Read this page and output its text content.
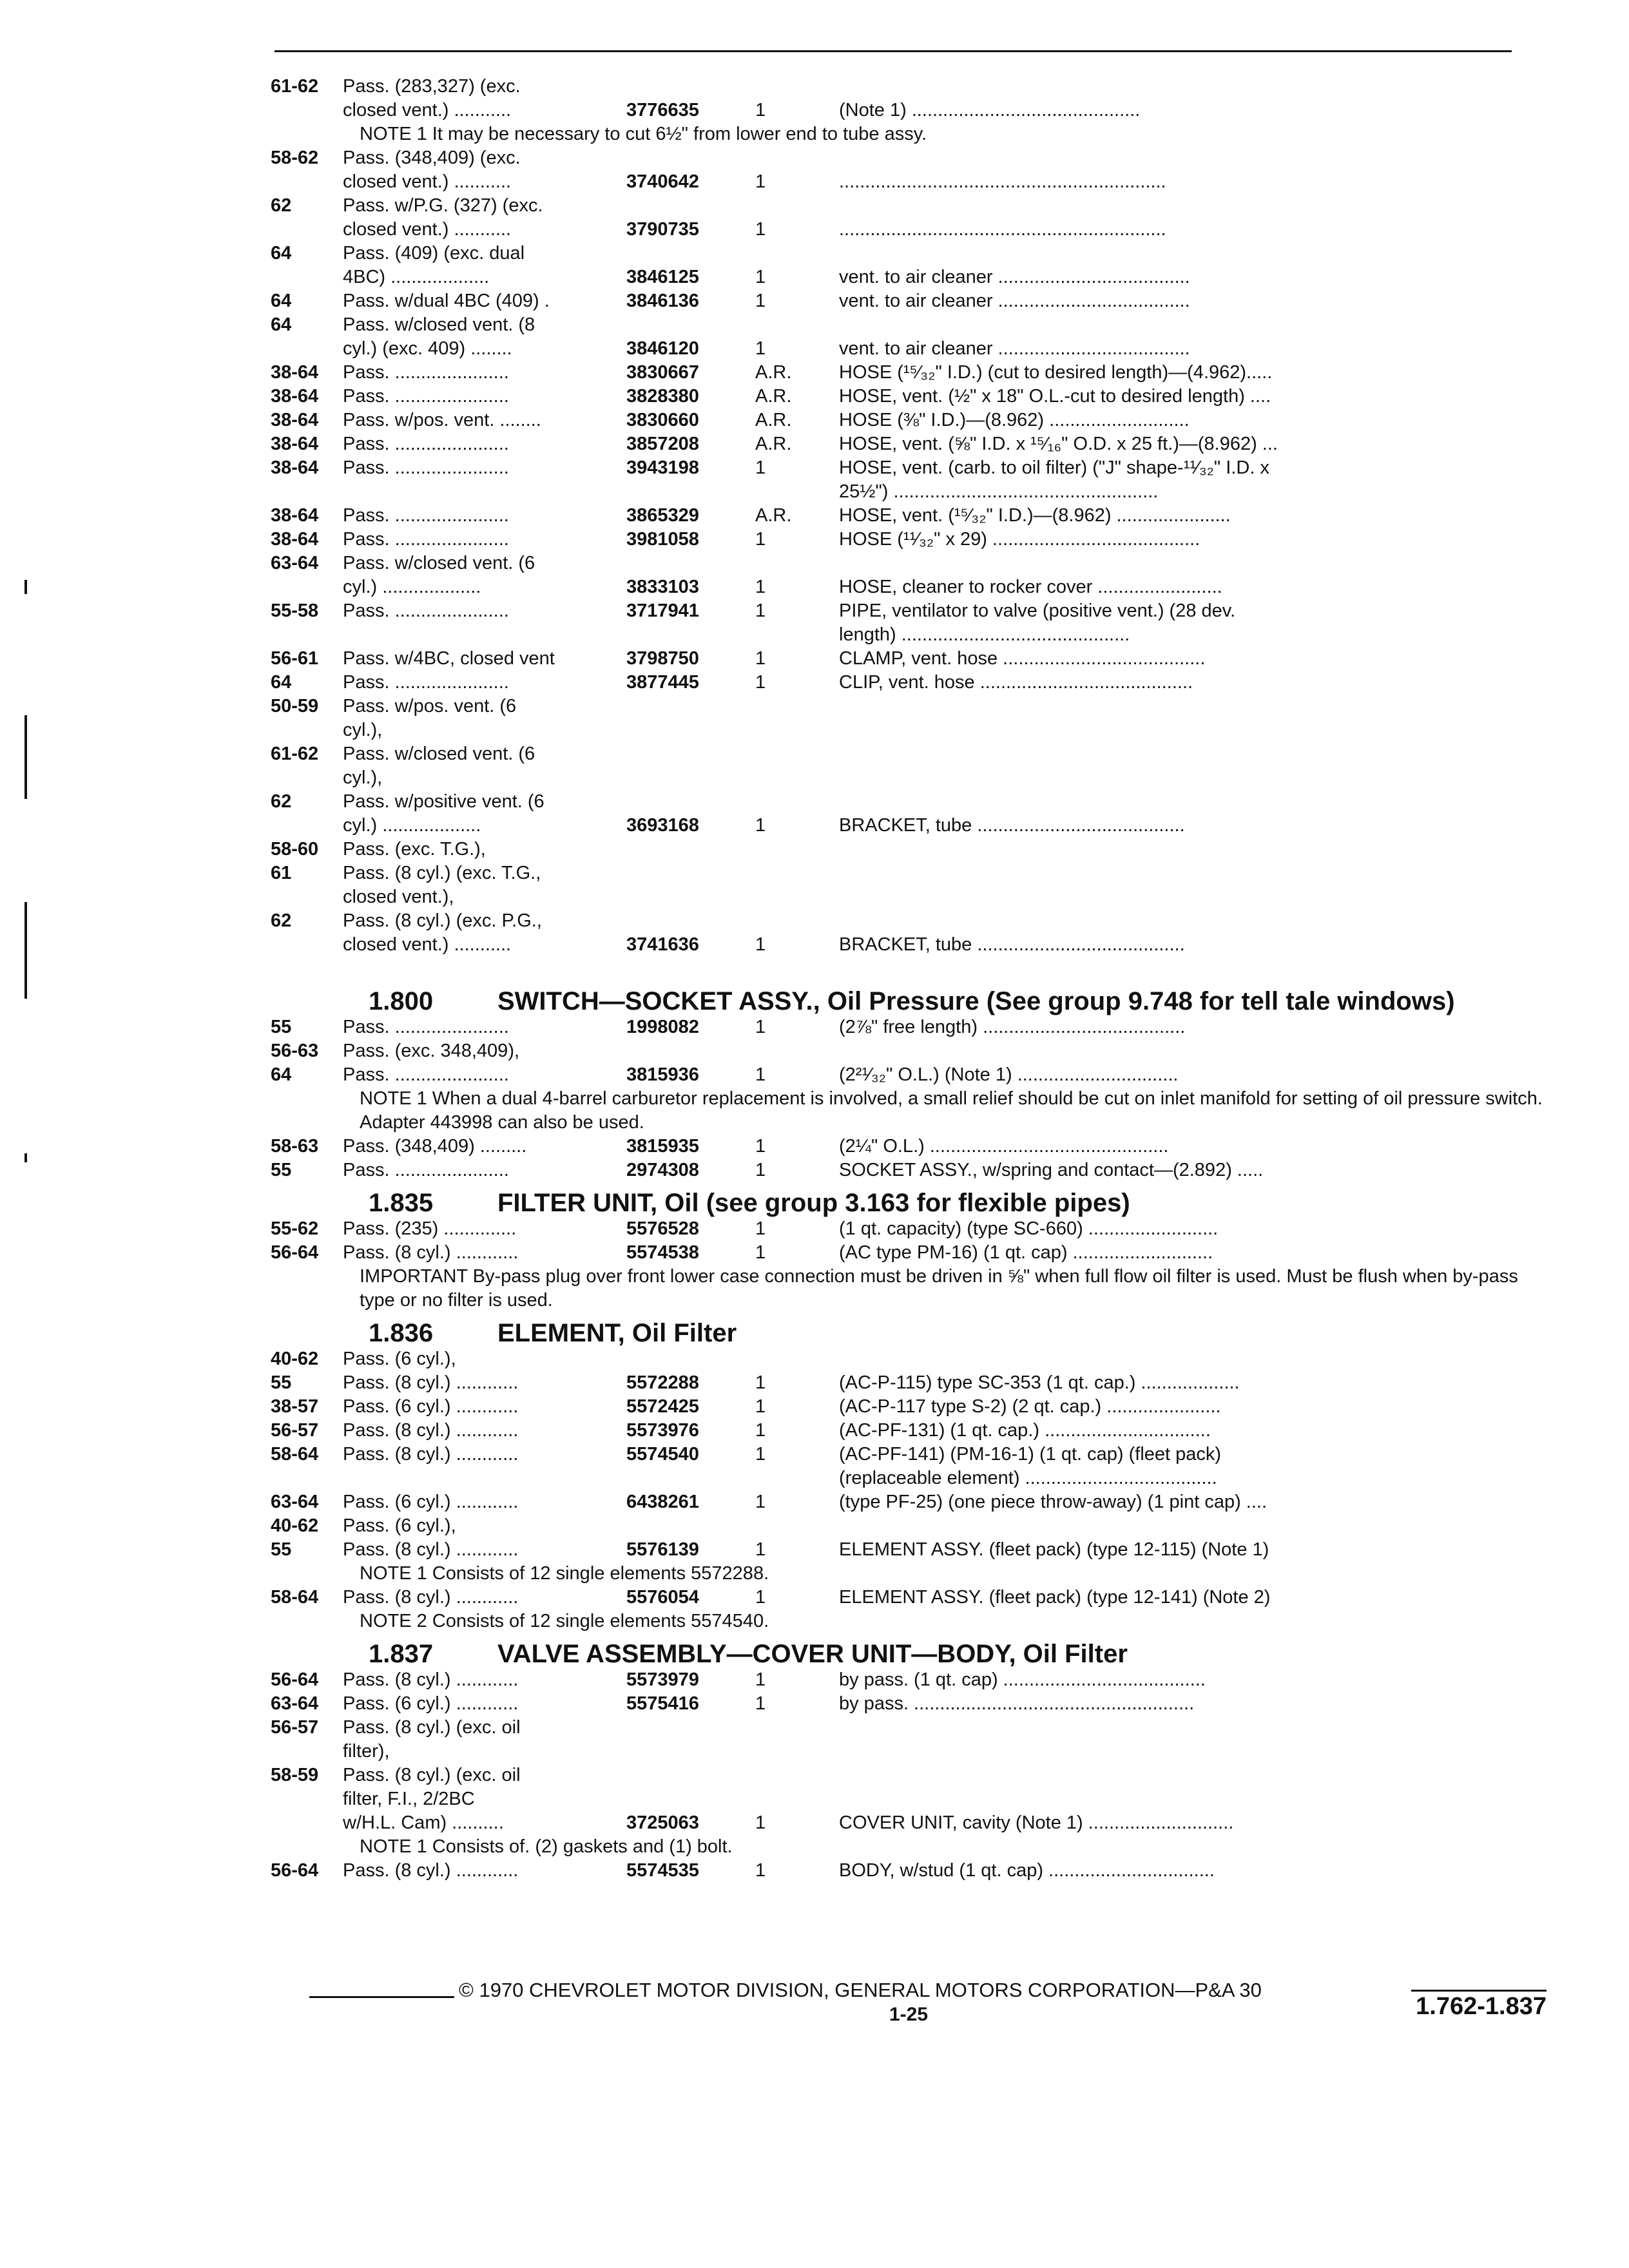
61-62	Pass. (283,327) (exc.
closed vent.) ...........	3776635	1	(Note 1) ............................................
NOTE 1 It may be necessary to cut 6½" from lower end to tube assy.
58-62	Pass. (348,409) (exc.
closed vent.) ...........	3740642	1	...............................................................
62	Pass. w/P.G. (327) (exc.
closed vent.) ...........	3790735	1	...............................................................
64	Pass. (409) (exc. dual
4BC) ...................	3846125	1	vent. to air cleaner .....................................
64	Pass. w/dual 4BC (409) .	3846136	1	vent. to air cleaner .....................................
64	Pass. w/closed vent. (8
cyl.) (exc. 409) ........	3846120	1	vent. to air cleaner .....................................
38-64	Pass. ......................	3830667	A.R.	HOSE (¹⁵⁄₃₂" I.D.) (cut to desired length)—(4.962).....
38-64	Pass. ......................	3828380	A.R.	HOSE, vent. (½" x 18" O.L.-cut to desired length) ....
38-64	Pass. w/pos. vent. ........	3830660	A.R.	HOSE (⅜" I.D.)—(8.962) ...........................
38-64	Pass. ......................	3857208	A.R.	HOSE, vent. (⅝" I.D. x ¹⁵⁄₁₆" O.D. x 25 ft.)—(8.962) ...
38-64	Pass. ......................	3943198	1	HOSE, vent. (carb. to oil filter) ("J" shape-¹¹⁄₃₂" I.D. x
25½") ...................................................
38-64	Pass. ......................	3865329	A.R.	HOSE, vent. (¹⁵⁄₃₂" I.D.)—(8.962) ......................
38-64	Pass. ......................	3981058	1	HOSE (¹¹⁄₃₂" x 29) ........................................
63-64	Pass. w/closed vent. (6
cyl.) ...................	3833103	1	HOSE, cleaner to rocker cover ........................
55-58	Pass. ......................	3717941	1	PIPE, ventilator to valve (positive vent.) (28 dev.
length) ............................................
56-61	Pass. w/4BC, closed vent	3798750	1	CLAMP, vent. hose .......................................
64	Pass. ......................	3877445	1	CLIP, vent. hose .........................................
50-59	Pass. w/pos. vent. (6
cyl.),
61-62	Pass. w/closed vent. (6
cyl.),
62	Pass. w/positive vent. (6
cyl.) ...................	3693168	1	BRACKET, tube ........................................
58-60	Pass. (exc. T.G.),
61	Pass. (8 cyl.) (exc. T.G.,
closed vent.),
62	Pass. (8 cyl.) (exc. P.G.,
closed vent.) ...........	3741636	1	BRACKET, tube ........................................
1.800	SWITCH—SOCKET ASSY., Oil Pressure (See group 9.748 for tell tale windows)
55	Pass. ......................	1998082	1	(2⅞" free length) .......................................
56-63	Pass. (exc. 348,409),
64	Pass. ......................	3815936	1	(2²¹⁄₃₂" O.L.) (Note 1) ...............................
NOTE 1 When a dual 4-barrel carburetor replacement is involved, a small relief should be cut on inlet manifold for setting of oil pressure switch. Adapter 443998 can also be used.
58-63	Pass. (348,409) .........	3815935	1	(2¼" O.L.) ..............................................
55	Pass. ......................	2974308	1	SOCKET ASSY., w/spring and contact—(2.892) .....
1.835	FILTER UNIT, Oil (see group 3.163 for flexible pipes)
55-62	Pass. (235) ..............	5576528	1	(1 qt. capacity) (type SC-660) .........................
56-64	Pass. (8 cyl.) ............	5574538	1	(AC type PM-16) (1 qt. cap) ...........................
IMPORTANT By-pass plug over front lower case connection must be driven in ⅝" when full flow oil filter is used. Must be flush when by-pass type or no filter is used.
1.836	ELEMENT, Oil Filter
40-62	Pass. (6 cyl.),
55	Pass. (8 cyl.) ............	5572288	1	(AC-P-115) type SC-353 (1 qt. cap.) ...................
38-57	Pass. (6 cyl.) ............	5572425	1	(AC-P-117 type S-2) (2 qt. cap.) ......................
56-57	Pass. (8 cyl.) ............	5573976	1	(AC-PF-131) (1 qt. cap.) ................................
58-64	Pass. (8 cyl.) ............	5574540	1	(AC-PF-141) (PM-16-1) (1 qt. cap) (fleet pack)
(replaceable element) .....................................
63-64	Pass. (6 cyl.) ............	6438261	1	(type PF-25) (one piece throw-away) (1 pint cap) ....
40-62	Pass. (6 cyl.),
55	Pass. (8 cyl.) ............	5576139	1	ELEMENT ASSY. (fleet pack) (type 12-115) (Note 1)
NOTE 1 Consists of 12 single elements 5572288.
58-64	Pass. (8 cyl.) ............	5576054	1	ELEMENT ASSY. (fleet pack) (type 12-141) (Note 2)
NOTE 2 Consists of 12 single elements 5574540.
1.837	VALVE ASSEMBLY—COVER UNIT—BODY, Oil Filter
56-64	Pass. (8 cyl.) ............	5573979	1	by pass. (1 qt. cap) .......................................
63-64	Pass. (6 cyl.) ............	5575416	1	by pass. ......................................................
56-57	Pass. (8 cyl.) (exc. oil
filter),
58-59	Pass. (8 cyl.) (exc. oil
filter, F.I., 2/2BC
w/H.L. Cam) ..........	3725063	1	COVER UNIT, cavity (Note 1) ............................
NOTE 1 Consists of. (2) gaskets and (1) bolt.
56-64	Pass. (8 cyl.) ............	5574535	1	BODY, w/stud (1 qt. cap) ................................
© 1970 CHEVROLET MOTOR DIVISION, GENERAL MOTORS CORPORATION—P&A 30
1-25	1.762-1.837
